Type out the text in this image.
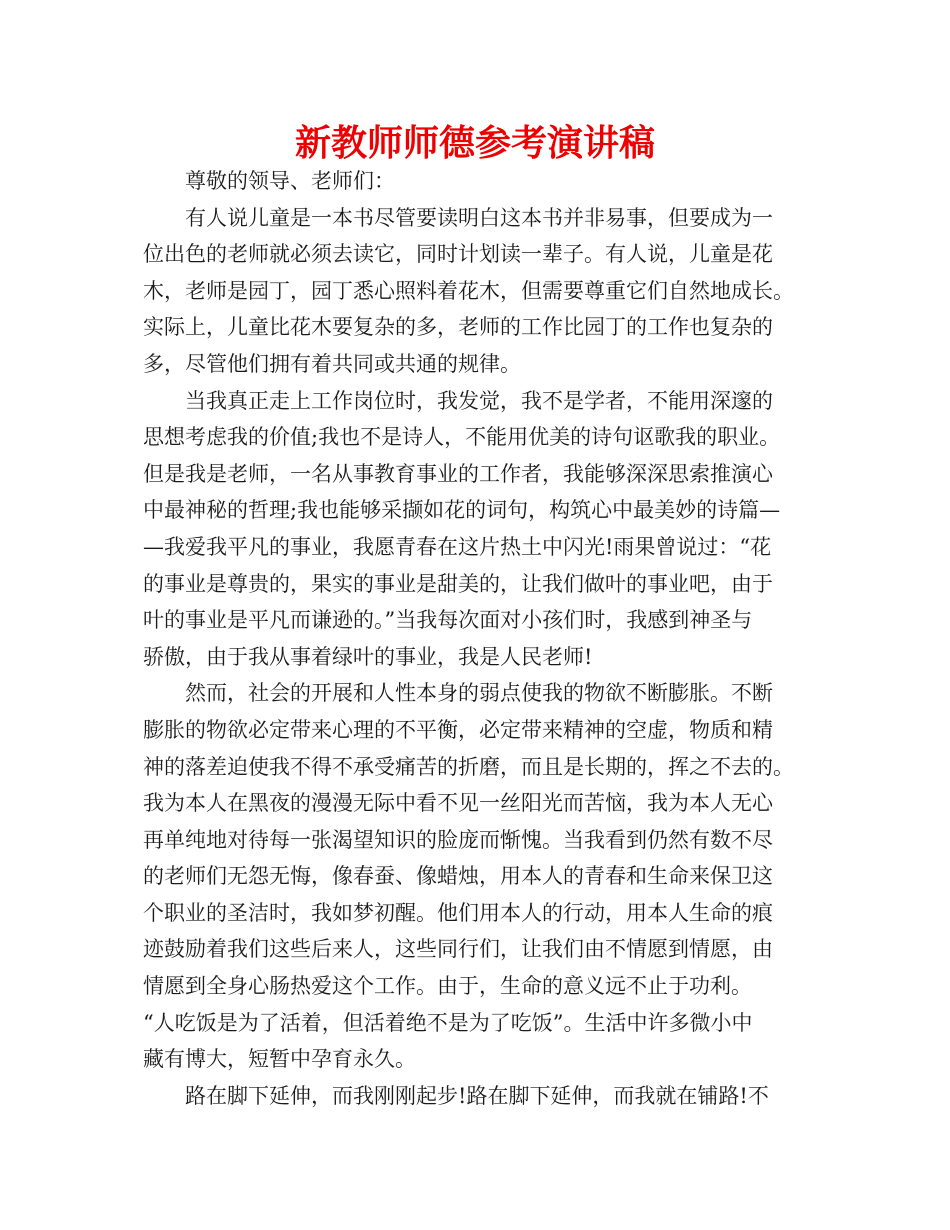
新教师师德参考演讲稿
尊敬的领导、老师们：
有人说儿童是一本书尽管要读明白这本书并非易事，但要成为一
位出色的老师就必须去读它，同时计划读一辈子。有人说，儿童是花
木，老师是园丁，园丁悉心照料着花木，但需要尊重它们自然地成长。
实际上，儿童比花木要复杂的多，老师的工作比园丁的工作也复杂的
多，尽管他们拥有着共同或共通的规律。
当我真正走上工作岗位时，我发觉，我不是学者，不能用深邃的
思想考虑我的价值;我也不是诗人，不能用优美的诗句讴歌我的职业。
但是我是老师，一名从事教育事业的工作者，我能够深深思索推演心
中最神秘的哲理;我也能够采撷如花的词句，构筑心中最美妙的诗篇—
—我爱我平凡的事业，我愿青春在这片热土中闪光!雨果曾说过：“花
的事业是尊贵的，果实的事业是甜美的，让我们做叶的事业吧，由于
叶的事业是平凡而谦逊的。”当我每次面对小孩们时，我感到神圣与
骄傲，由于我从事着绿叶的事业，我是人民老师!
然而，社会的开展和人性本身的弱点使我的物欲不断膨胀。不断
膨胀的物欲必定带来心理的不平衡，必定带来精神的空虚，物质和精
神的落差迫使我不得不承受痛苦的折磨，而且是长期的，挥之不去的。
我为本人在黑夜的漫漫无际中看不见一丝阳光而苦恼，我为本人无心
再单纯地对待每一张渴望知识的脸庞而惭愧。当我看到仍然有数不尽
的老师们无怨无悔，像春蚕、像蜡烛，用本人的青春和生命来保卫这
个职业的圣洁时，我如梦初醒。他们用本人的行动，用本人生命的痕
迹鼓励着我们这些后来人，这些同行们，让我们由不情愿到情愿，由
情愿到全身心肠热爱这个工作。由于，生命的意义远不止于功利。
“人吃饭是为了活着，但活着绝不是为了吃饭”。生活中许多微小中
藏有博大，短暂中孕育永久。
路在脚下延伸，而我刚刚起步!路在脚下延伸，而我就在铺路!不
